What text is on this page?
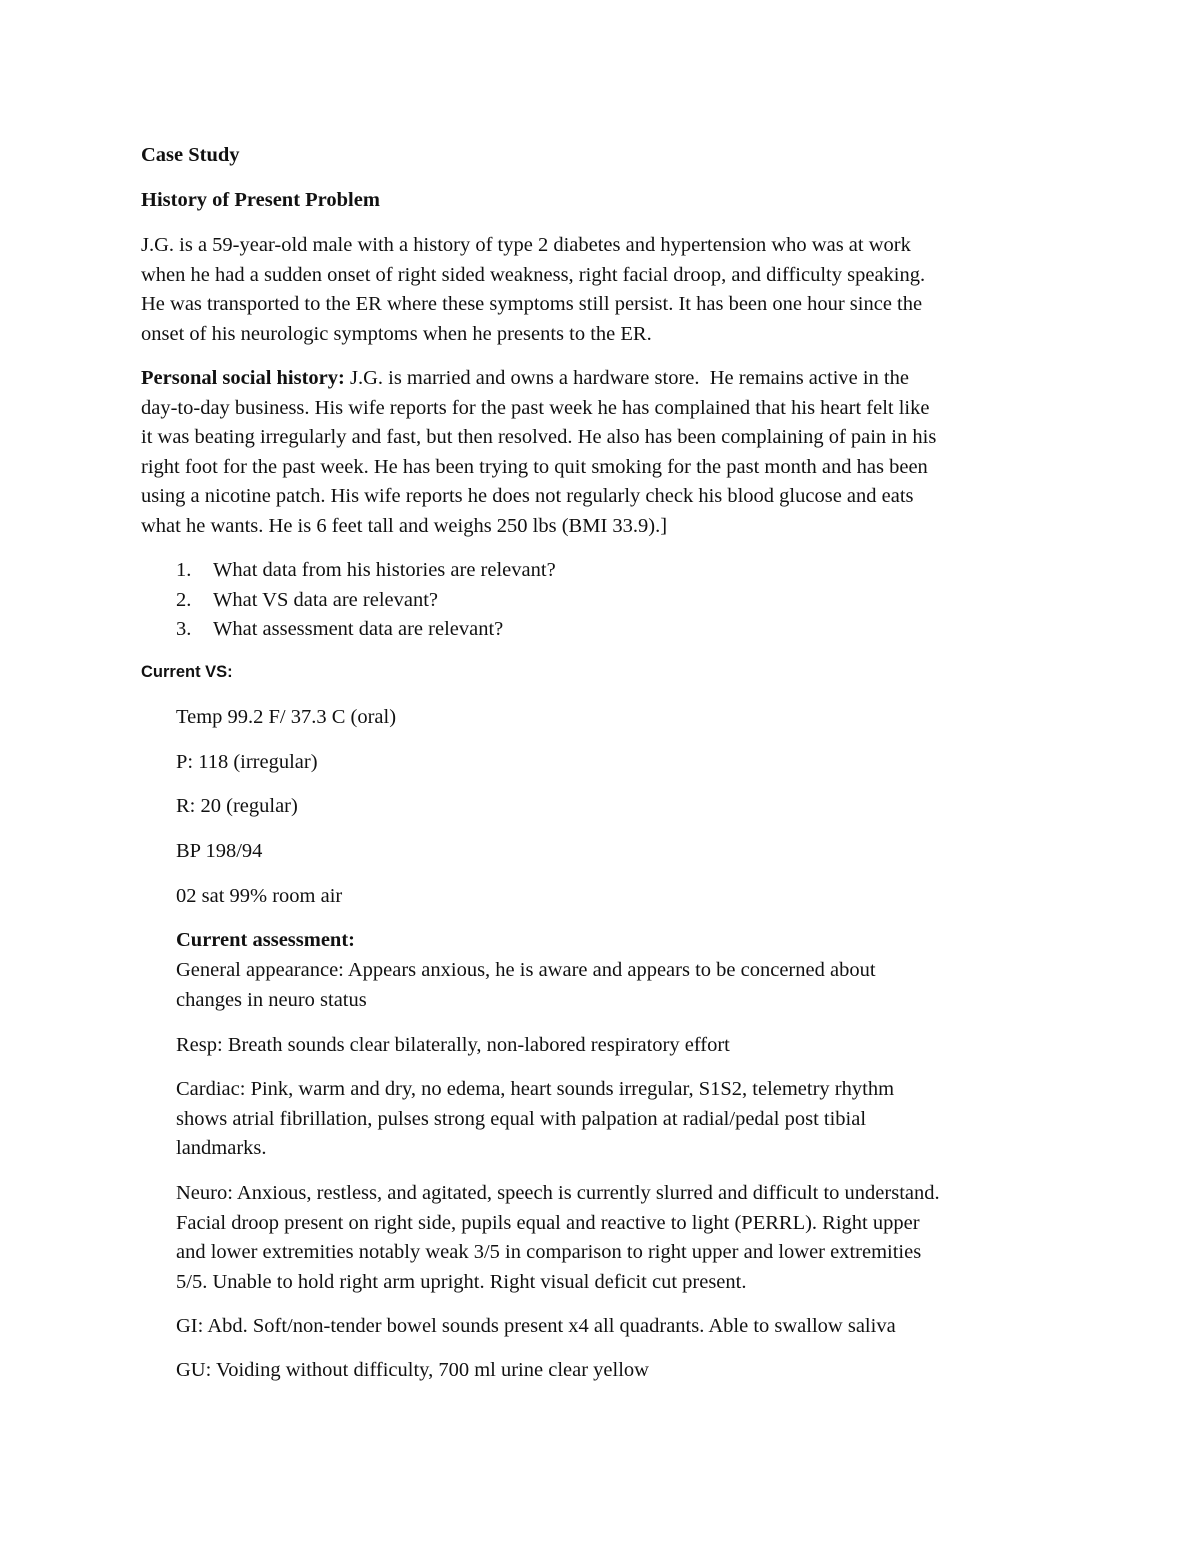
Case Study
History of Present Problem

J.G. is a 59-year-old male with a history of type 2 diabetes and hypertension who was at work
when he had a sudden onset of right sided weakness, right facial droop, and difficulty speaking.
He was transported to the ER where these symptoms still persist. It has been one hour since the
onset of his neurologic symptoms when he presents to the ER.

Personal social history: J.G. is married and owns a hardware store.  He remains active in the
day-to-day business. His wife reports for the past week he has complained that his heart felt like
it was beating irregularly and fast, but then resolved. He also has been complaining of pain in his
right foot for the past week. He has been trying to quit smoking for the past month and has been
using a nicotine patch. His wife reports he does not regularly check his blood glucose and eats
what he wants. He is 6 feet tall and weighs 250 lbs (BMI 33.9).]

1. What data from his histories are relevant?
2. What VS data are relevant?
3. What assessment data are relevant?
Current VS:
Temp 99.2 F/ 37.3 C (oral)
P: 118 (irregular)
R: 20 (regular)
BP 198/94
02 sat 99% room air
Current assessment:

General appearance: Appears anxious, he is aware and appears to be concerned about
changes in neuro status

Resp: Breath sounds clear bilaterally, non-labored respiratory effort

Cardiac: Pink, warm and dry, no edema, heart sounds irregular, S1S2, telemetry rhythm
shows atrial fibrillation, pulses strong equal with palpation at radial/pedal post tibial
landmarks.

Neuro: Anxious, restless, and agitated, speech is currently slurred and difficult to understand.
Facial droop present on right side, pupils equal and reactive to light (PERRL). Right upper
and lower extremities notably weak 3/5 in comparison to right upper and lower extremities
5/5. Unable to hold right arm upright. Right visual deficit cut present.

GI: Abd. Soft/non-tender bowel sounds present x4 all quadrants. Able to swallow saliva

GU: Voiding without difficulty, 700 ml urine clear yellow
